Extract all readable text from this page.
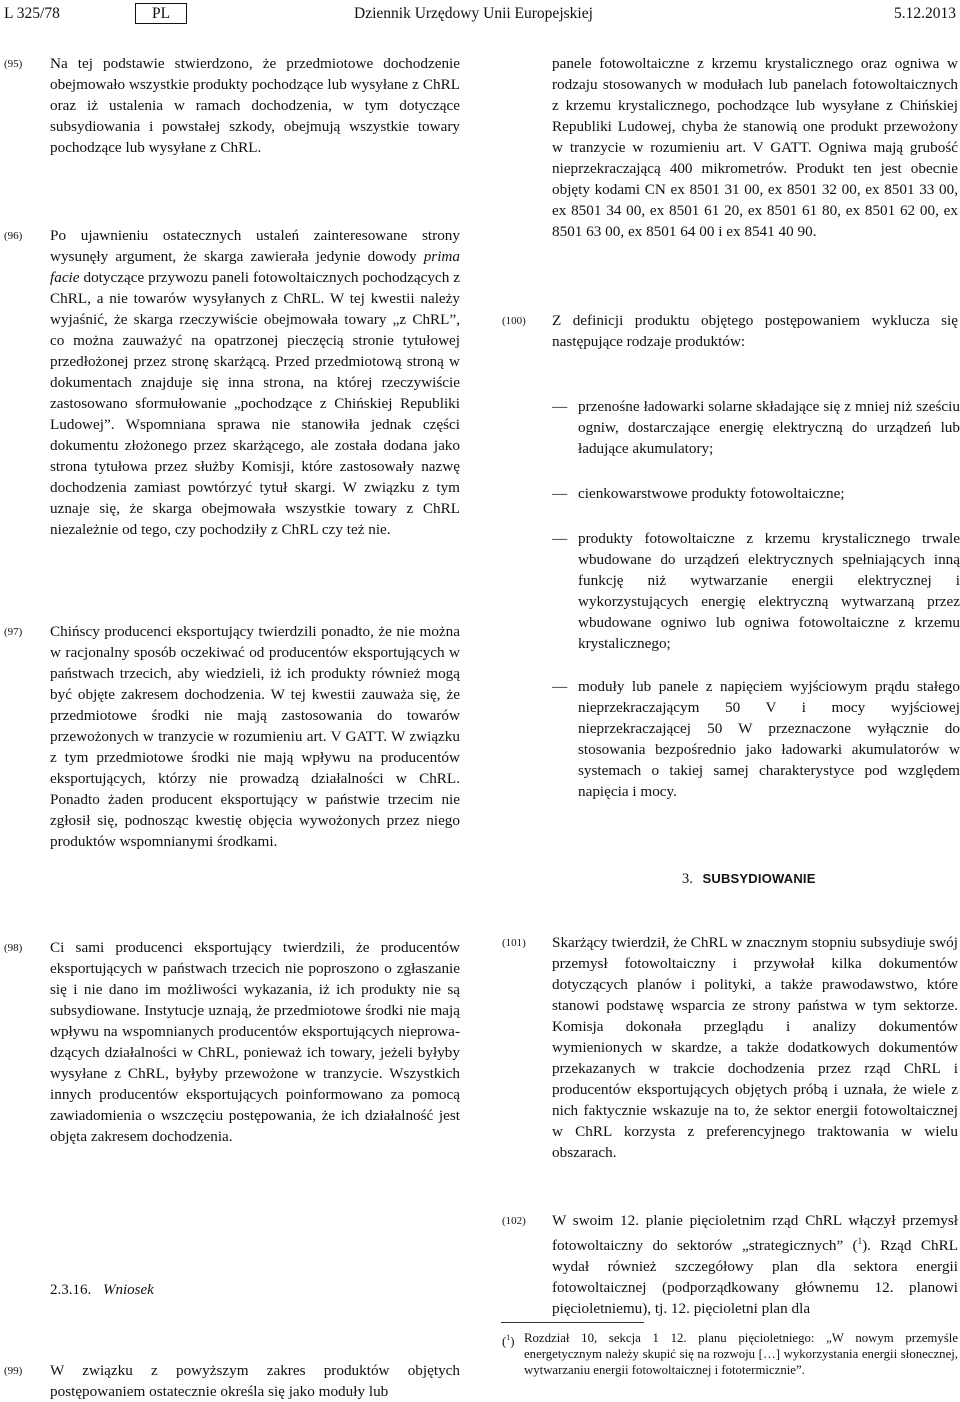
L 325/78	PL	Dziennik Urzędowy Unii Europejskiej	5.12.2013
(95) Na tej podstawie stwierdzono, że przedmiotowe dochodzenie obejmowało wszystkie produkty pochodzące lub wysyłane z ChRL oraz iż ustalenia w ramach dochodzenia, w tym dotyczące subsydiowania i powstałej szkody, obejmują wszystkie towary pochodzące lub wysyłane z ChRL.
(96) Po ujawnieniu ostatecznych ustaleń zainteresowane strony wysunęły argument, że skarga zawierała jedynie dowody prima facie dotyczące przywozu paneli fotowoltaicznych pochodzących z ChRL, a nie towarów wysyłanych z ChRL. W tej kwestii należy wyjaśnić, że skarga rzeczywiście obejmowała towary „z ChRL”, co można zauważyć na opatrzonej pieczęcią stronie tytułowej przedłożonej przez stronę skarżącą. Przed przedmiotową stroną w dokumentach znajduje się inna strona, na której rzeczywiście zastosowano sformułowanie „pochodzące z Chińskiej Republiki Ludowej”. Wspomniana sprawa nie stanowiła jednak części dokumentu złożonego przez skarżącego, ale została dodana jako strona tytułowa przez służby Komisji, które zastosowały nazwę dochodzenia zamiast powtórzyć tytuł skargi. W związku z tym uznaje się, że skarga obejmowała wszystkie towary z ChRL niezależnie od tego, czy pochodziły z ChRL czy też nie.
(97) Chińscy producenci eksportujący twierdzili ponadto, że nie można w racjonalny sposób oczekiwać od producentów eksportujących w państwach trzecich, aby wiedzieli, iż ich produkty również mogą być objęte zakresem dochodzenia. W tej kwestii zauważa się, że przedmiotowe środki nie mają zastosowania do towarów przewożonych w tranzycie w rozumieniu art. V GATT. W związku z tym przedmiotowe środki nie mają wpływu na producentów eksportujących, którzy nie prowadzą działalności w ChRL. Ponadto żaden producent eksportujący w państwie trzecim nie zgłosił się, podnosząc kwestię objęcia wywożonych przez niego produktów wspomnianymi środkami.
(98) Ci sami producenci eksportujący twierdzili, że producentów eksportujących w państwach trzecich nie poproszono o zgłaszanie się i nie dano im możliwości wykazania, iż ich produkty nie są subsydiowane. Instytucje uznają, że przedmiotowe środki nie mają wpływu na wspomnianych producentów eksportujących nieprowadzących działalności w ChRL, ponieważ ich towary, jeżeli byłyby wysyłane z ChRL, byłyby przewożone w tranzycie. Wszystkich innych producentów eksportujących poinformowano za pomocą zawiadomienia o wszczęciu postępowania, że ich działalność jest objęta zakresem dochodzenia.
2.3.16. Wniosek
(99) W związku z powyższym zakres produktów objętych postępowaniem ostatecznie określa się jako moduły lub
panele fotowoltaiczne z krzemu krystalicznego oraz ogniwa w rodzaju stosowanych w modułach lub panelach fotowoltaicznych z krzemu krystalicznego, pochodzące lub wysyłane z Chińskiej Republiki Ludowej, chyba że stanowią one produkt przewożony w tranzycie w rozumieniu art. V GATT. Ogniwa mają grubość nieprzekraczającą 400 mikrometrów. Produkt ten jest obecnie objęty kodami CN ex 8501 31 00, ex 8501 32 00, ex 8501 33 00, ex 8501 34 00, ex 8501 61 20, ex 8501 61 80, ex 8501 62 00, ex 8501 63 00, ex 8501 64 00 i ex 8541 40 90.
(100) Z definicji produktu objętego postępowaniem wyklucza się następujące rodzaje produktów:
— przenośne ładowarki solarne składające się z mniej niż sześciu ogniw, dostarczające energię elektryczną do urządzeń lub ładujące akumulatory;
— cienkowarstwowe produkty fotowoltaiczne;
— produkty fotowoltaiczne z krzemu krystalicznego trwale wbudowane do urządzeń elektrycznych spełniających inną funkcję niż wytwarzanie energii elektrycznej i wykorzystujących energię elektryczną wytwarzaną przez wbudowane ogniwo lub ogniwa fotowoltaiczne z krzemu krystalicznego;
— moduły lub panele z napięciem wyjściowym prądu stałego nieprzekraczającym 50 V i mocy wyjściowej nieprzekraczającej 50 W przeznaczone wyłącznie do stosowania bezpośrednio jako ładowarki akumulatorów w systemach o takiej samej charakterystyce pod względem napięcia i mocy.
3. SUBSYDIOWANIE
(101) Skarżący twierdził, że ChRL w znacznym stopniu subsydiuje swój przemysł fotowoltaiczny i przywołał kilka dokumentów dotyczących planów i polityki, a także prawodawstwo, które stanowi podstawę wsparcia ze strony państwa w tym sektorze. Komisja dokonała przeglądu i analizy dokumentów wymienionych w skardze, a także dodatkowych dokumentów przekazanych w trakcie dochodzenia przez rząd ChRL i producentów eksportujących objętych próbą i uznała, że wiele z nich faktycznie wskazuje na to, że sektor energii fotowoltaicznej w ChRL korzysta z preferencyjnego traktowania w wielu obszarach.
(102) W swoim 12. planie pięcioletnim rząd ChRL włączył przemysł fotowoltaiczny do sektorów „strategicznych” ($^1$). Rząd ChRL wydał również szczegółowy plan dla sektora energii fotowoltaicznej (podporządkowany głównemu 12. planowi pięcioletniemu), tj. 12. pięcioletni plan dla
($^1$) Rozdział 10, sekcja 1 12. planu pięcioletniego: „W nowym przemyśle energetycznym należy skupić się na rozwoju […] wykorzystania energii słonecznej, wytwarzaniu energii fotowoltaicznej i fototermicznie”.
